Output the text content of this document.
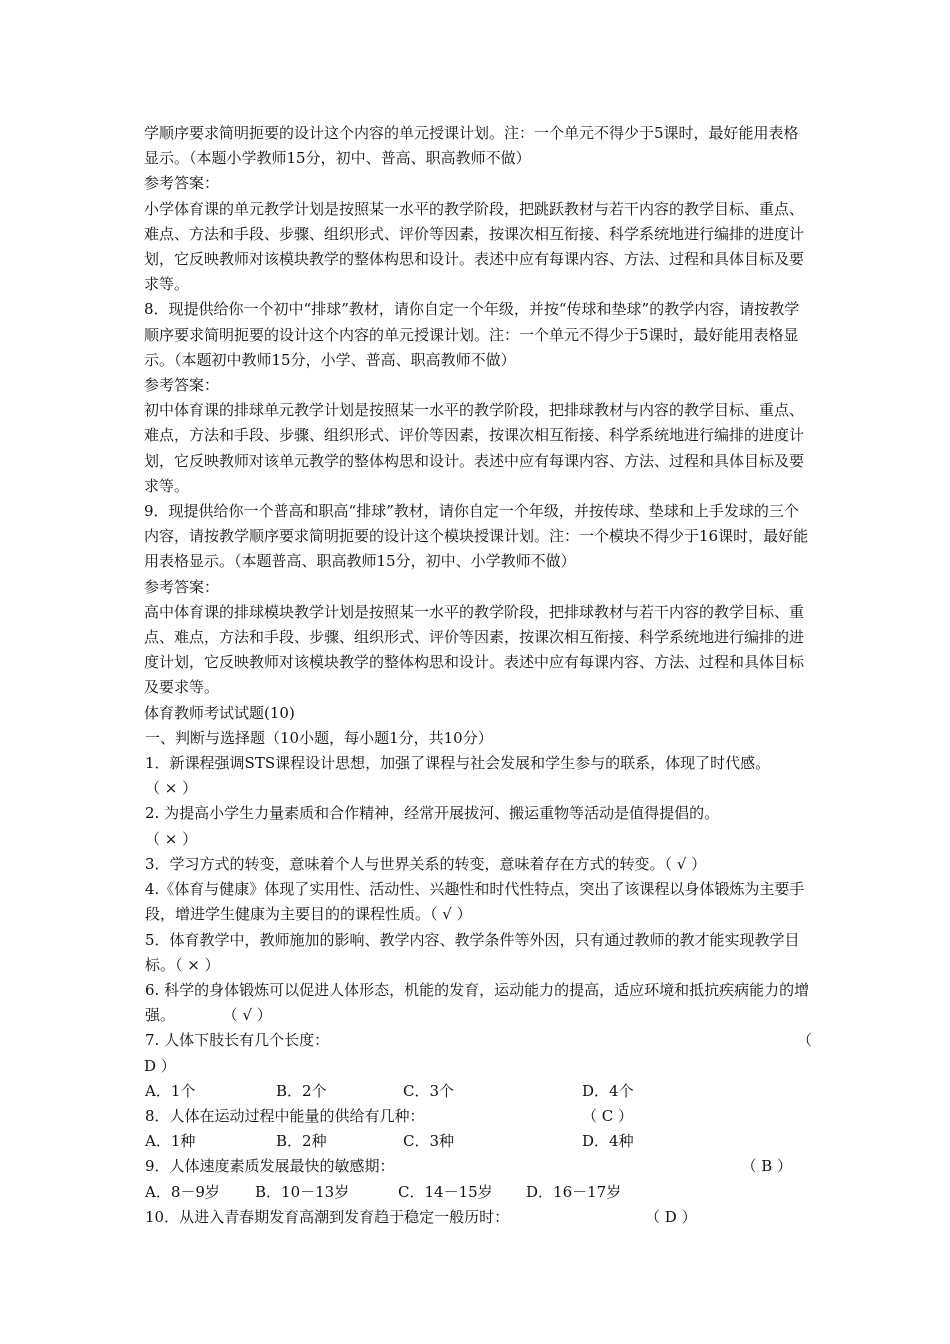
学顺序要求简明扼要的设计这个内容的单元授课计划。注：一个单元不得少于5课时，最好能用表格显示。（本题小学教师15分，初中、普高、职高教师不做）

参考答案：

小学体育课的单元教学计划是按照某一水平的教学阶段，把跳跃教材与若干内容的教学目标、重点、难点、方法和手段、步骤、组织形式、评价等因素，按课次相互衔接、科学系统地进行编排的进度计划，它反映教师对该模块教学的整体构思和设计。表述中应有每课内容、方法、过程和具体目标及要求等。

8．现提供给你一个初中“排球”教材，请你自定一个年级，并按“传球和垫球”的教学内容，请按教学顺序要求简明扼要的设计这个内容的单元授课计划。注：一个单元不得少于5课时，最好能用表格显示。（本题初中教师15分，小学、普高、职高教师不做）

参考答案：

初中体育课的排球单元教学计划是按照某一水平的教学阶段，把排球教材与内容的教学目标、重点、难点，方法和手段、步骤、组织形式、评价等因素，按课次相互衔接、科学系统地进行编排的进度计划，它反映教师对该单元教学的整体构思和设计。表述中应有每课内容、方法、过程和具体目标及要求等。

9．现提供给你一个普高和职高“排球”教材，请你自定一个年级，并按传球、垫球和上手发球的三个内容，请按教学顺序要求简明扼要的设计这个模块授课计划。注：一个模块不得少于16课时，最好能用表格显示。（本题普高、职高教师15分，初中、小学教师不做）

参考答案：

高中体育课的排球模块教学计划是按照某一水平的教学阶段，把排球教材与若干内容的教学目标、重点、难点，方法和手段、步骤、组织形式、评价等因素，按课次相互衔接、科学系统地进行编排的进度计划，它反映教师对该模块教学的整体构思和设计。表述中应有每课内容、方法、过程和具体目标及要求等。

体育教师考试试题(10)

一、判断与选择题（10小题，每小题1分，共10分）

1．新课程强调STS课程设计思想，加强了课程与社会发展和学生参与的联系，体现了时代感。          （ × ）

2. 为提高小学生力量素质和合作精神，经常开展拔河、搬运重物等活动是值得提倡的。

（ × ）

3．学习方式的转变，意味着个人与世界关系的转变，意味着存在方式的转变。（ √ ）

4.《体育与健康》体现了实用性、活动性、兴趣性和时代性特点，突出了该课程以身体锻炼为主要手段，增进学生健康为主要目的的课程性质。（ √ ）

5．体育教学中，教师施加的影响、教学内容、教学条件等外因，只有通过教师的教才能实现教学目标。（ × ）

6. 科学的身体锻炼可以促进人体形态，机能的发育，运动能力的提高，适应环境和抵抗疾病能力的增强。          （ √ ）

7. 人体下肢长有几个长度：	（

D ）

A．1个	B．2个	C．3个	D．4个
8．人体在运动过程中能量的供给有几种：	（ C ）
A．1种	B．2种	C．3种	D．4种
9．人体速度素质发展最快的敏感期：	（ B ）
A．8－9岁	B．10－13岁	C．14－15岁	D．16－17岁
10．从进入青春期发育高潮到发育趋于稳定一般历时：	（ D ）
